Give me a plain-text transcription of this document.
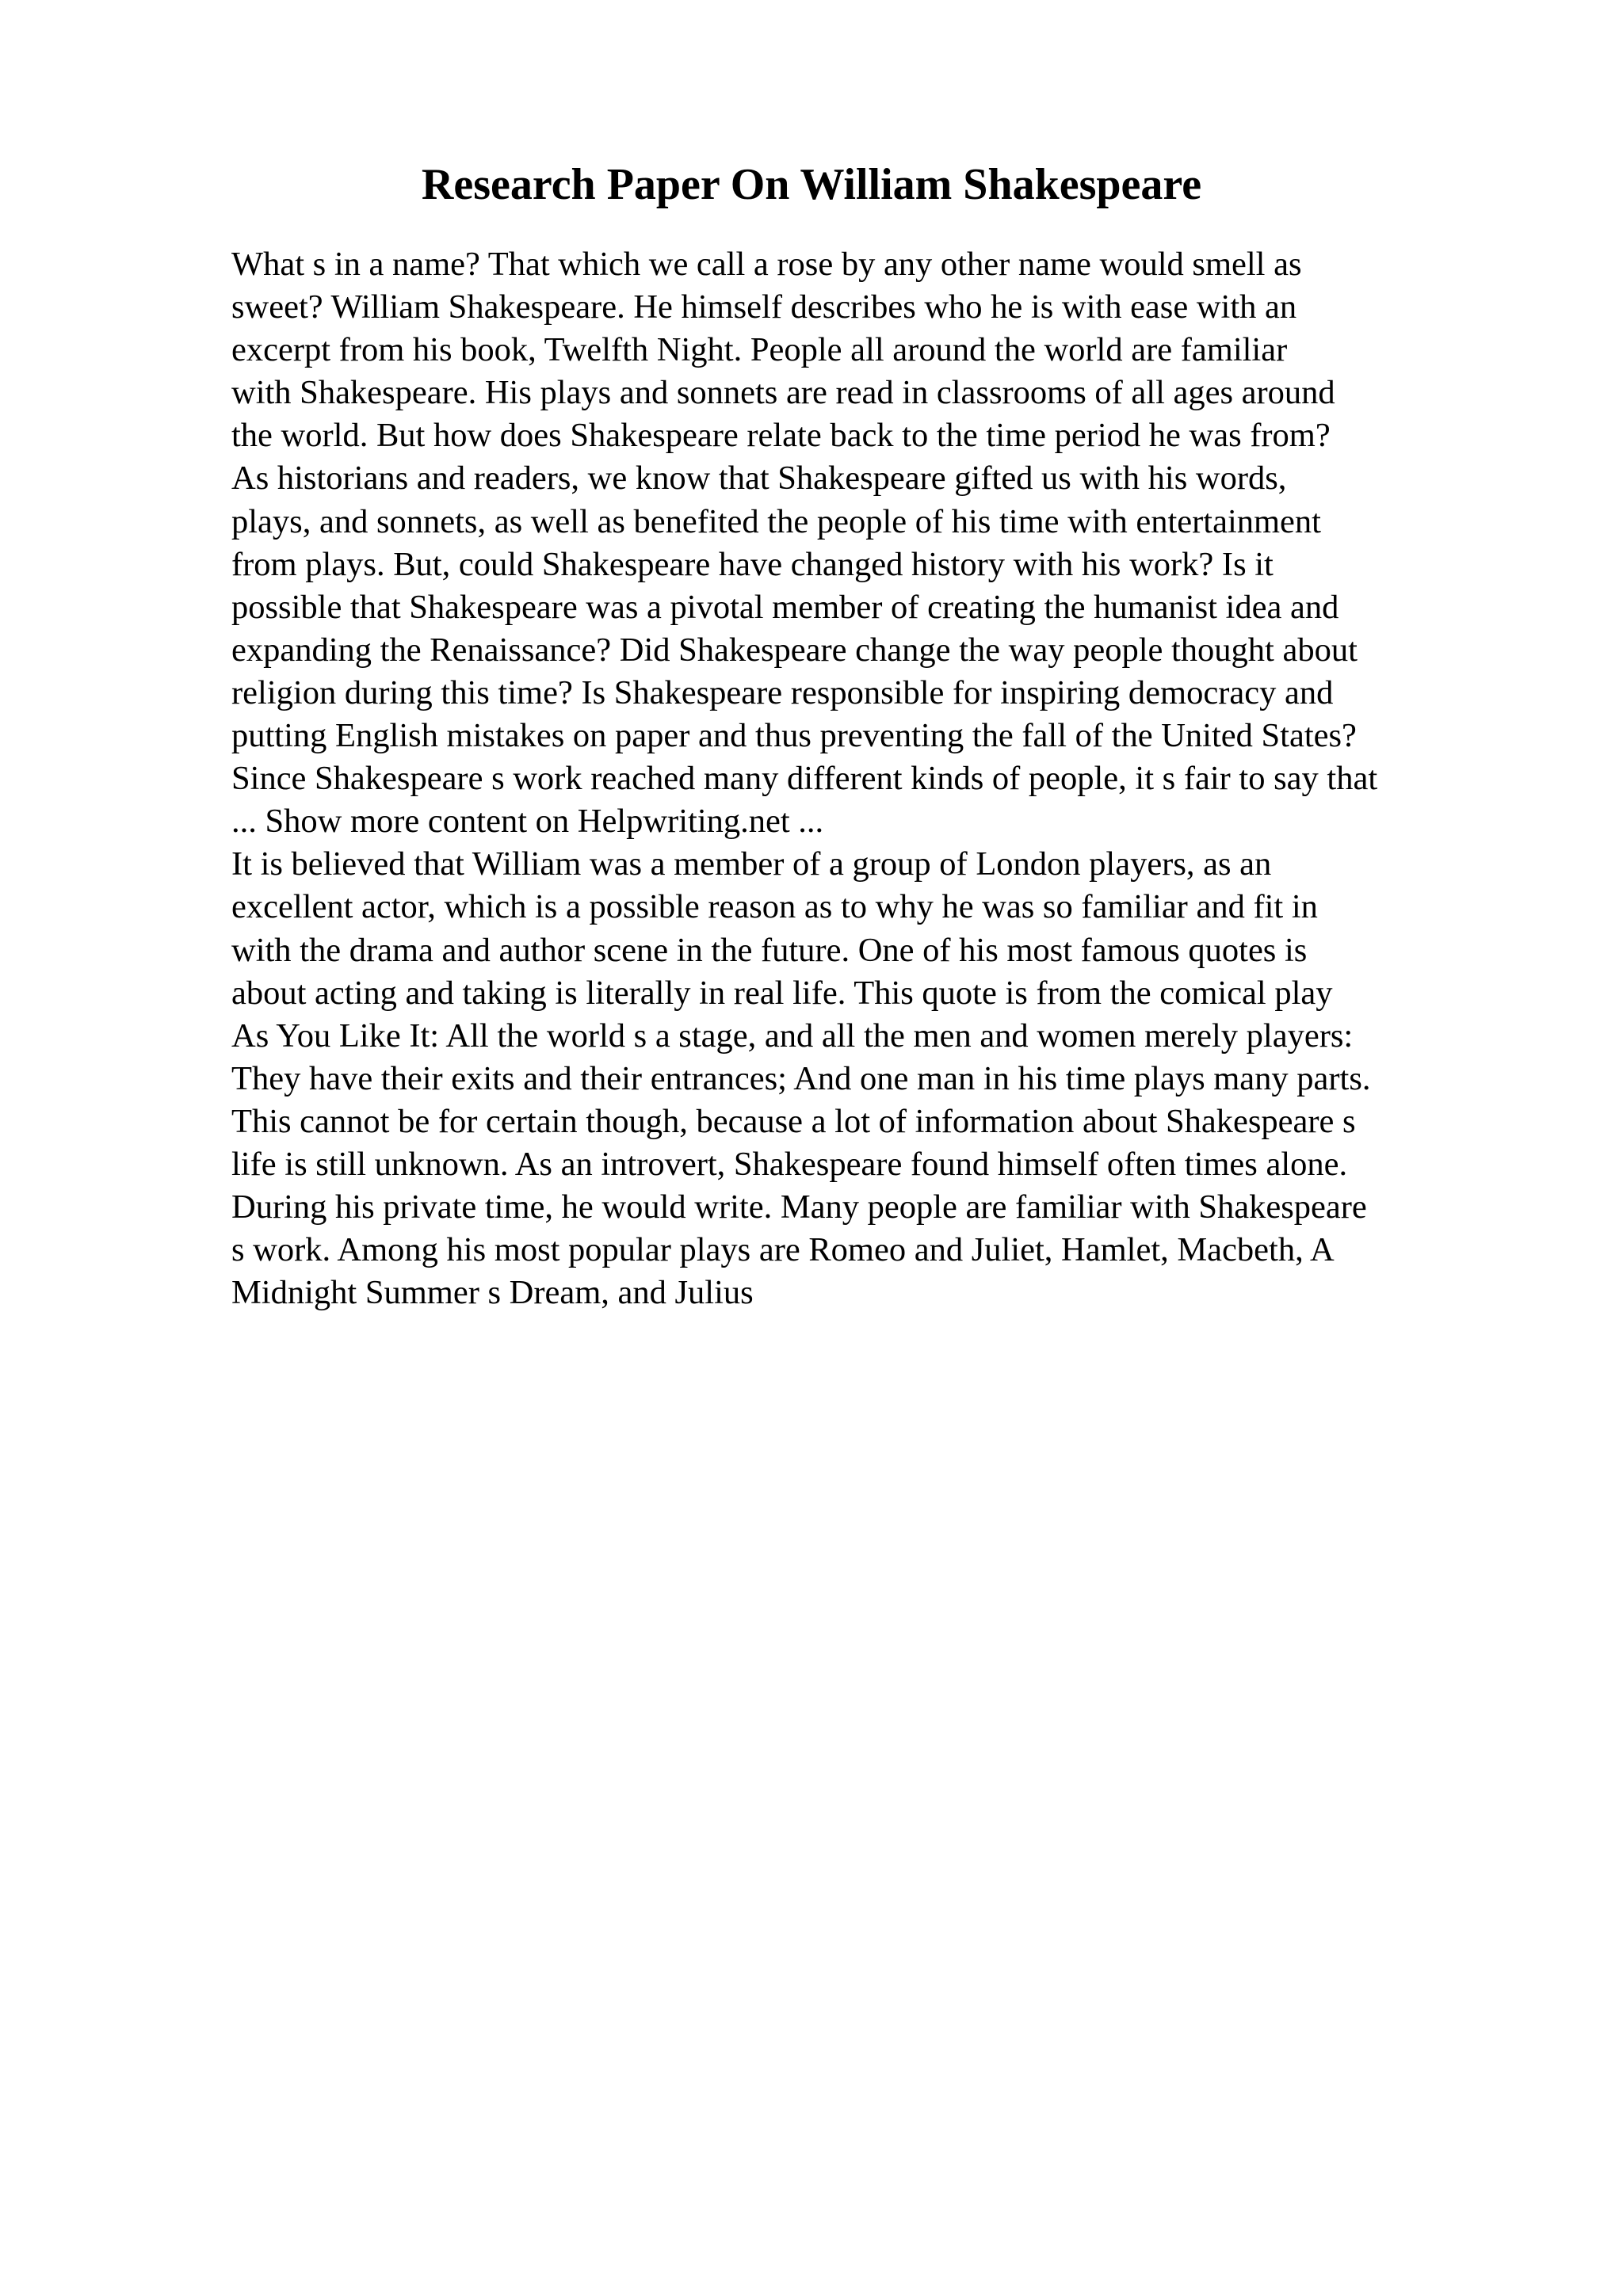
Research Paper On William Shakespeare
What s in a name? That which we call a rose by any other name would smell as
sweet? William Shakespeare. He himself describes who he is with ease with an
excerpt from his book, Twelfth Night. People all around the world are familiar
with Shakespeare. His plays and sonnets are read in classrooms of all ages around
the world. But how does Shakespeare relate back to the time period he was from?
As historians and readers, we know that Shakespeare gifted us with his words,
plays, and sonnets, as well as benefited the people of his time with entertainment
from plays. But, could Shakespeare have changed history with his work? Is it
possible that Shakespeare was a pivotal member of creating the humanist idea and
expanding the Renaissance? Did Shakespeare change the way people thought about
religion during this time? Is Shakespeare responsible for inspiring democracy and
putting English mistakes on paper and thus preventing the fall of the United States?
Since Shakespeare s work reached many different kinds of people, it s fair to say that
... Show more content on Helpwriting.net ...
It is believed that William was a member of a group of London players, as an
excellent actor, which is a possible reason as to why he was so familiar and fit in
with the drama and author scene in the future. One of his most famous quotes is
about acting and taking is literally in real life. This quote is from the comical play
As You Like It: All the world s a stage, and all the men and women merely players:
They have their exits and their entrances; And one man in his time plays many parts.
This cannot be for certain though, because a lot of information about Shakespeare s
life is still unknown. As an introvert, Shakespeare found himself often times alone.
During his private time, he would write. Many people are familiar with Shakespeare
s work. Among his most popular plays are Romeo and Juliet, Hamlet, Macbeth, A
Midnight Summer s Dream, and Julius
